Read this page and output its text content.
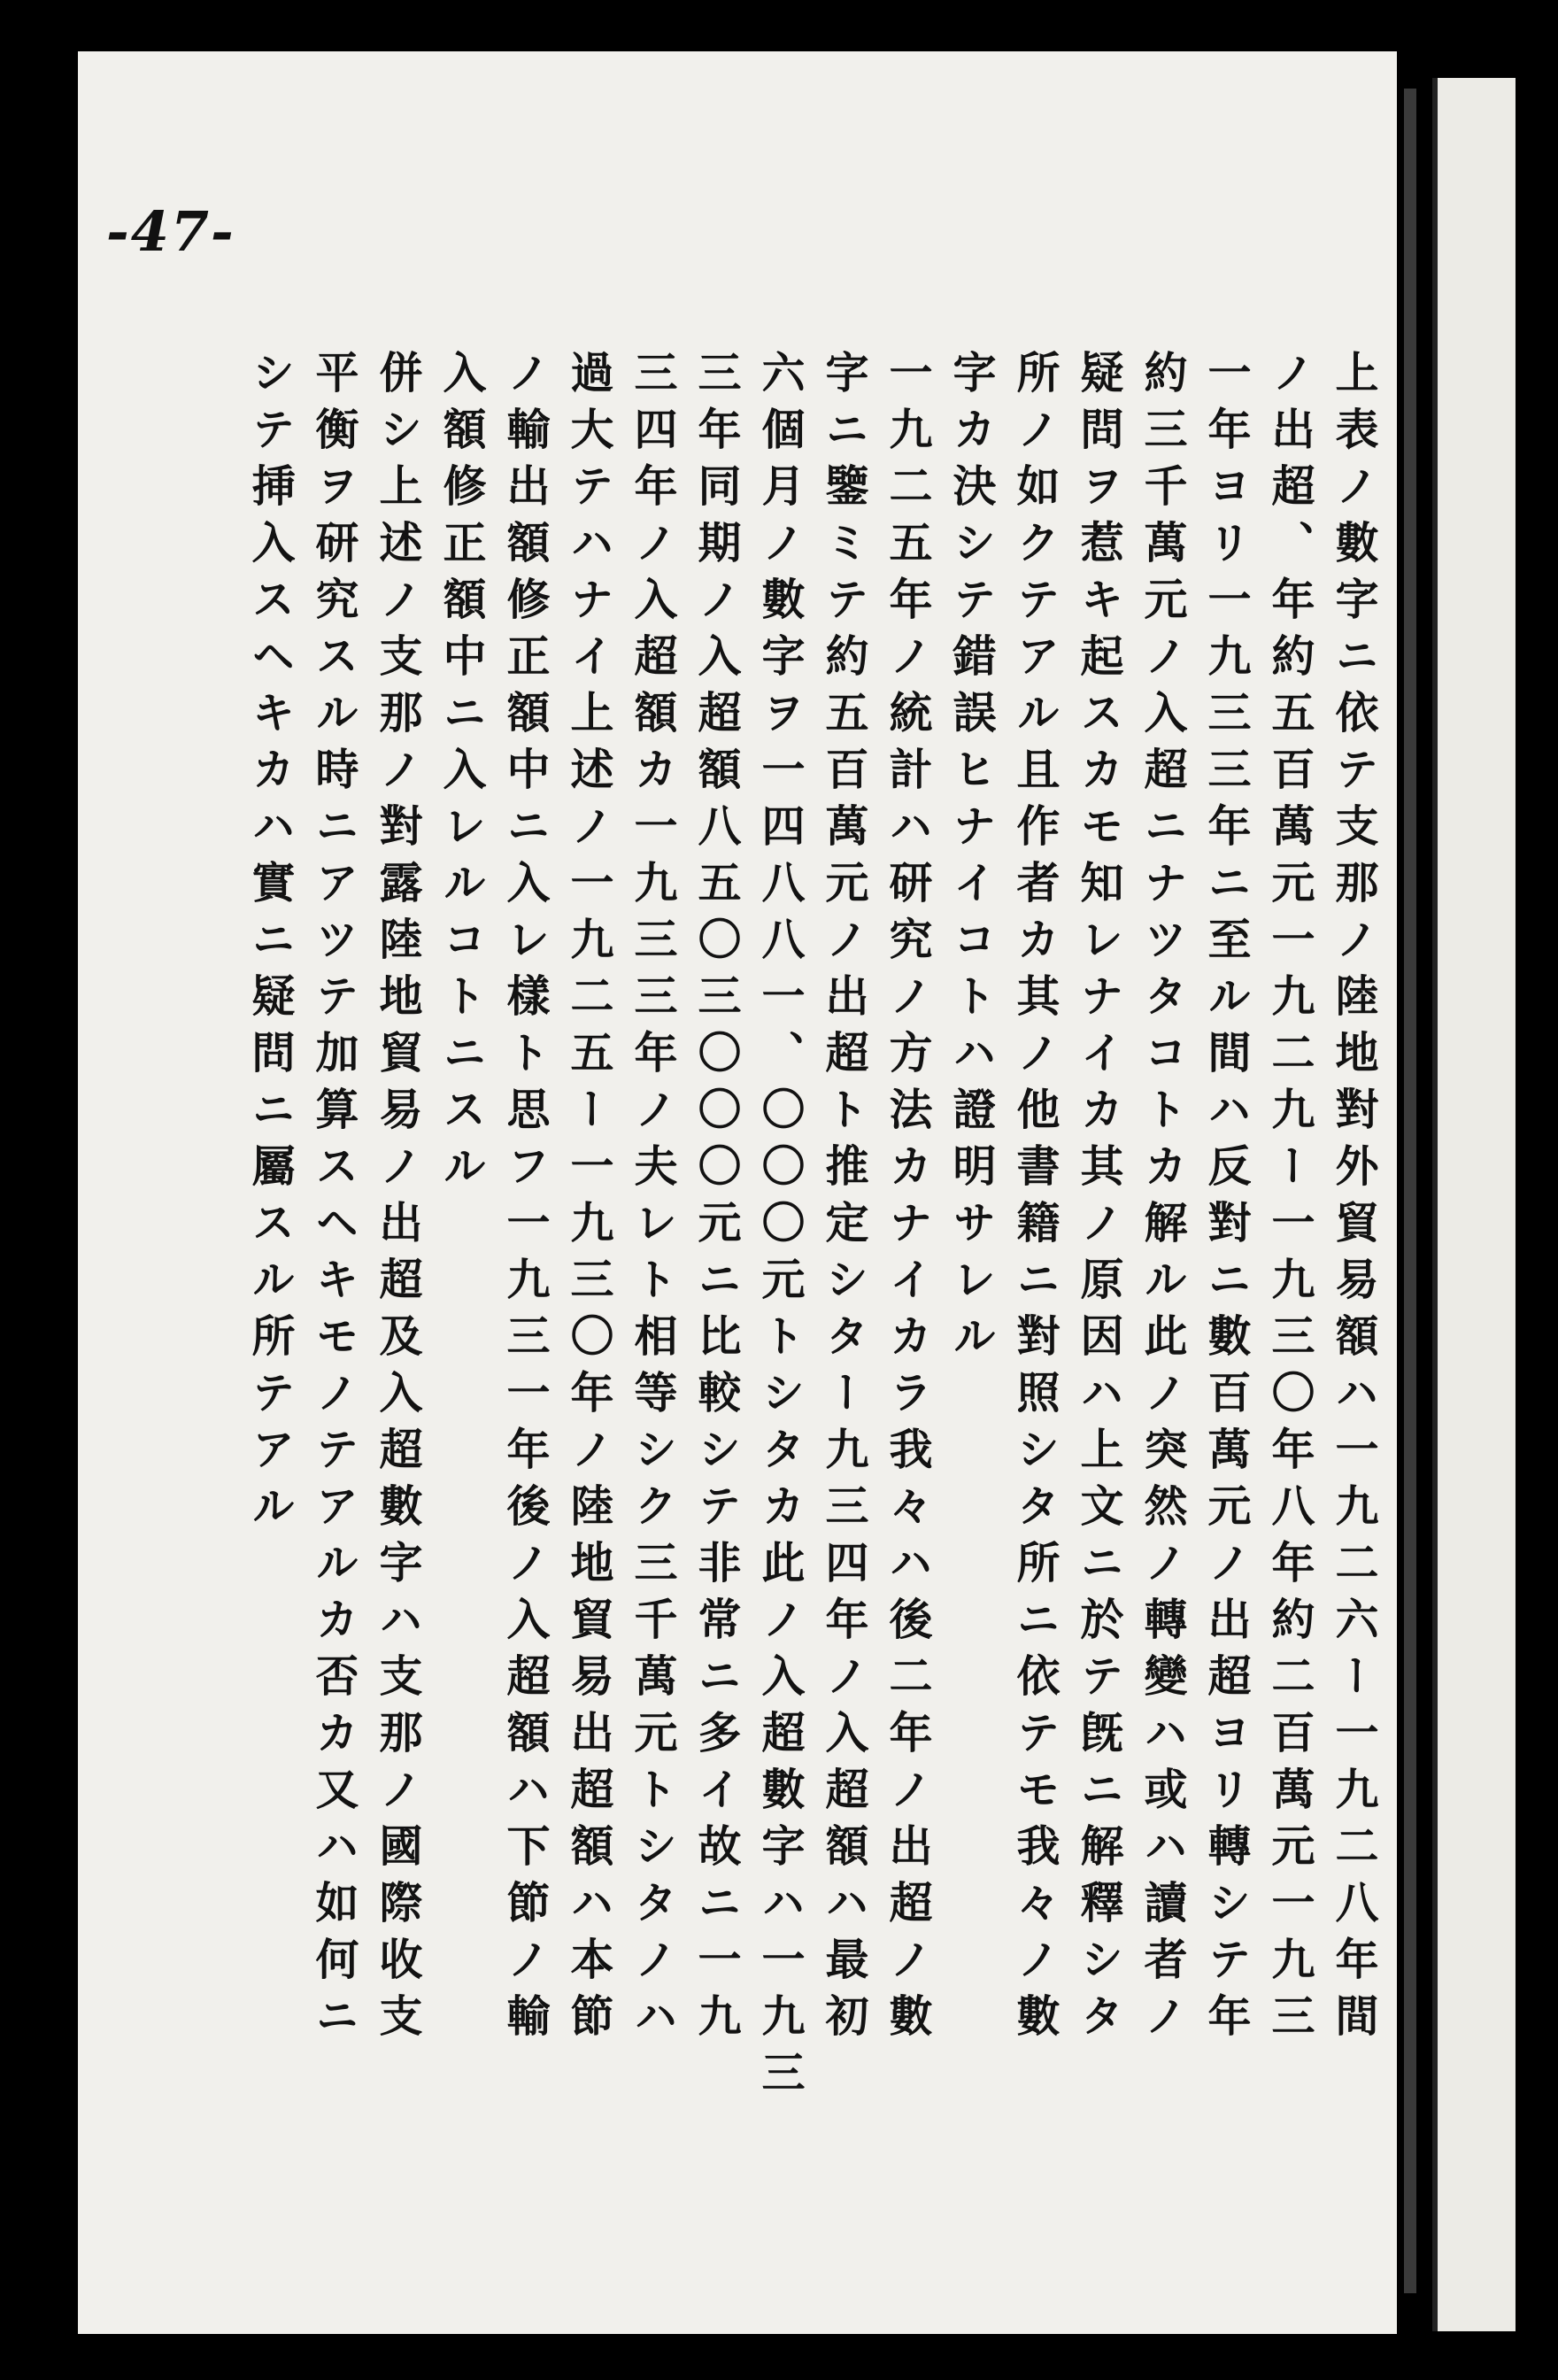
-47-
上表ノ數字ニ依テ支那ノ陸地對外貿易額ハ一九二六ー一九二八年間
ノ出超、年約五百萬元一九二九ー一九三〇年八年約二百萬元一九三
一年ヨリ一九三三年ニ至ル間ハ反對ニ數百萬元ノ出超ヨリ轉シテ年
約三千萬元ノ入超ニナツタコトカ解ル此ノ突然ノ轉變ハ或ハ讀者ノ
疑問ヲ惹キ起スカモ知レナイカ其ノ原因ハ上文ニ於テ旣ニ解釋シタ
所ノ如クテアル且作者カ其ノ他書籍ニ對照シタ所ニ依テモ我々ノ數
字カ決シテ錯誤ヒナイコトハ證明サレル
一九二五年ノ統計ハ研究ノ方法カナイカラ我々ハ後二年ノ出超ノ數
字ニ鑒ミテ約五百萬元ノ出超ト推定シター九三四年ノ入超額ハ最初
六個月ノ數字ヲ一四八八一、〇〇〇元トシタカ此ノ入超數字ハ一九三
三年同期ノ入超額八五〇三〇〇〇元ニ比較シテ非常ニ多イ故ニ一九
三四年ノ入超額カ一九三三年ノ夫レト相等シク三千萬元トシタノハ
過大テハナイ上述ノ一九二五ー一九三〇年ノ陸地貿易出超額ハ本節
ノ輸出額修正額中ニ入レ樣ト思フ一九三一年後ノ入超額ハ下節ノ輸
入額修正額中ニ入レルコトニスル
併シ上述ノ支那ノ對露陸地貿易ノ出超及入超數字ハ支那ノ國際收支
平衡ヲ研究スル時ニアツテ加算スヘキモノテアルカ否カ又ハ如何ニ
シテ挿入スヘキカハ實ニ疑問ニ屬スル所テアル
